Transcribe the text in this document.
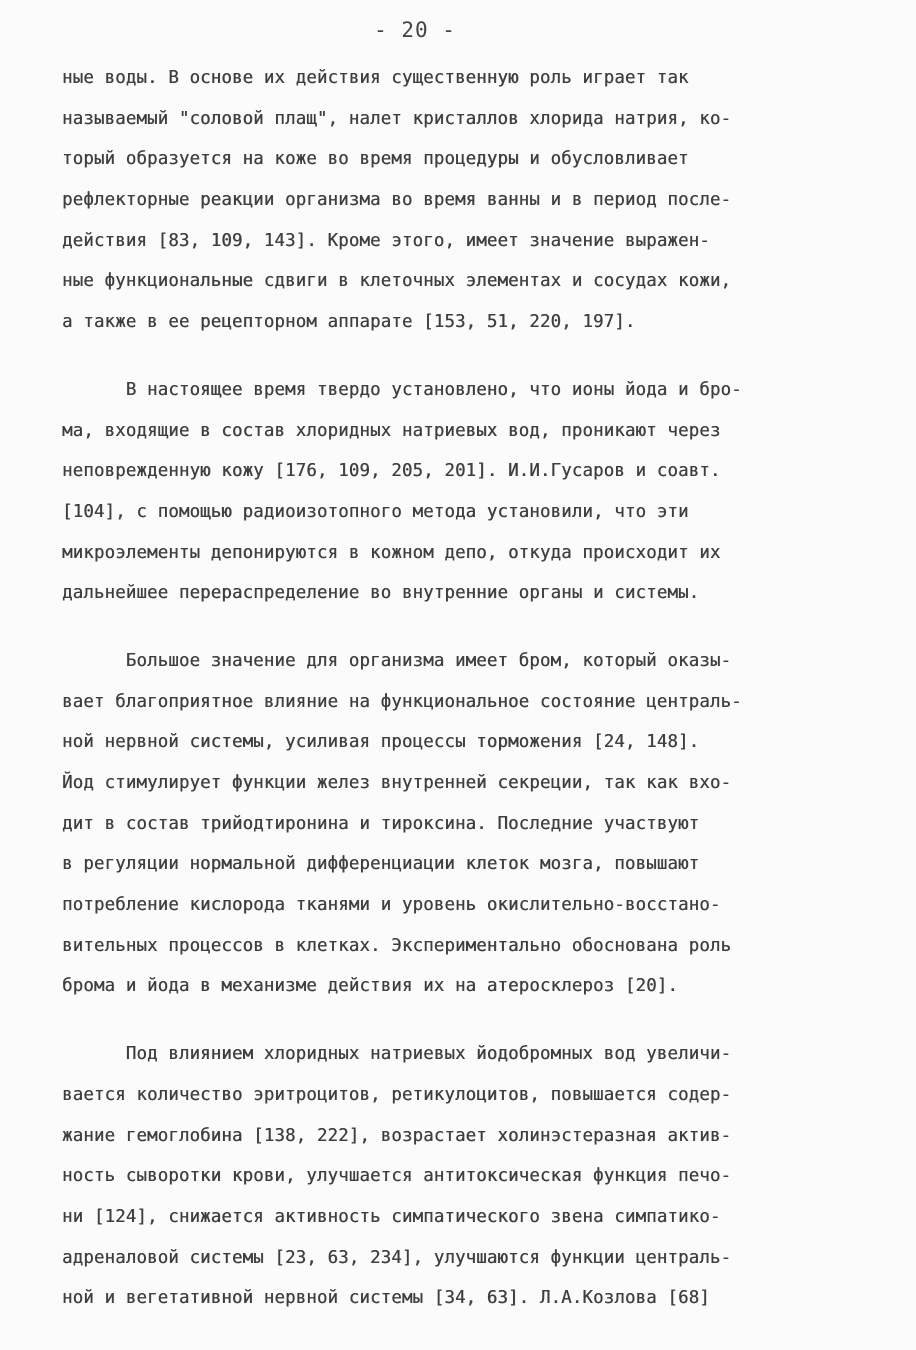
- 20 -
ные воды. В основе их действия существенную роль играет так
называемый "соловой плащ", налет кристаллов хлорида натрия, ко-
торый образуется на коже во время процедуры и обусловливает
рефлекторные реакции организма во время ванны и в период после-
действия [83, 109, 143]. Кроме этого, имеет значение выражен-
ные функциональные сдвиги в клеточных элементах и сосудах кожи,
а также в ее рецепторном аппарате [153, 51, 220, 197].
В настоящее время твердо установлено, что ионы йода и бро-
ма, входящие в состав хлоридных натриевых вод, проникают через
неповрежденную кожу [176, 109, 205, 201]. И.И.Гусаров и соавт.
[104], с помощью радиоизотопного метода установили, что эти
микроэлементы депонируются в кожном депо, откуда происходит их
дальнейшее перераспределение во внутренние органы и системы.
Большое значение для организма имеет бром, который оказы-
вает благоприятное влияние на функциональное состояние централь-
ной нервной системы, усиливая процессы торможения [24, 148].
Йод стимулирует функции желез внутренней секреции, так как вхо-
дит в состав трийодтиронина и тироксина. Последние участвуют
в регуляции нормальной дифференциации клеток мозга, повышают
потребление кислорода тканями и уровень окислительно-восстано-
вительных процессов в клетках. Экспериментально обоснована роль
брома и йода в механизме действия их на атеросклероз [20].
Под влиянием хлоридных натриевых йодобромных вод увеличи-
вается количество эритроцитов, ретикулоцитов, повышается содер-
жание гемоглобина [138, 222], возрастает холинэстеразная актив-
ность сыворотки крови, улучшается антитоксическая функция печо-
ни [124], снижается активность симпатического звена симпатико-
адреналовой системы [23, 63, 234], улучшаются функции централь-
ной и вегетативной нервной системы [34, 63]. Л.А.Козлова [68]
